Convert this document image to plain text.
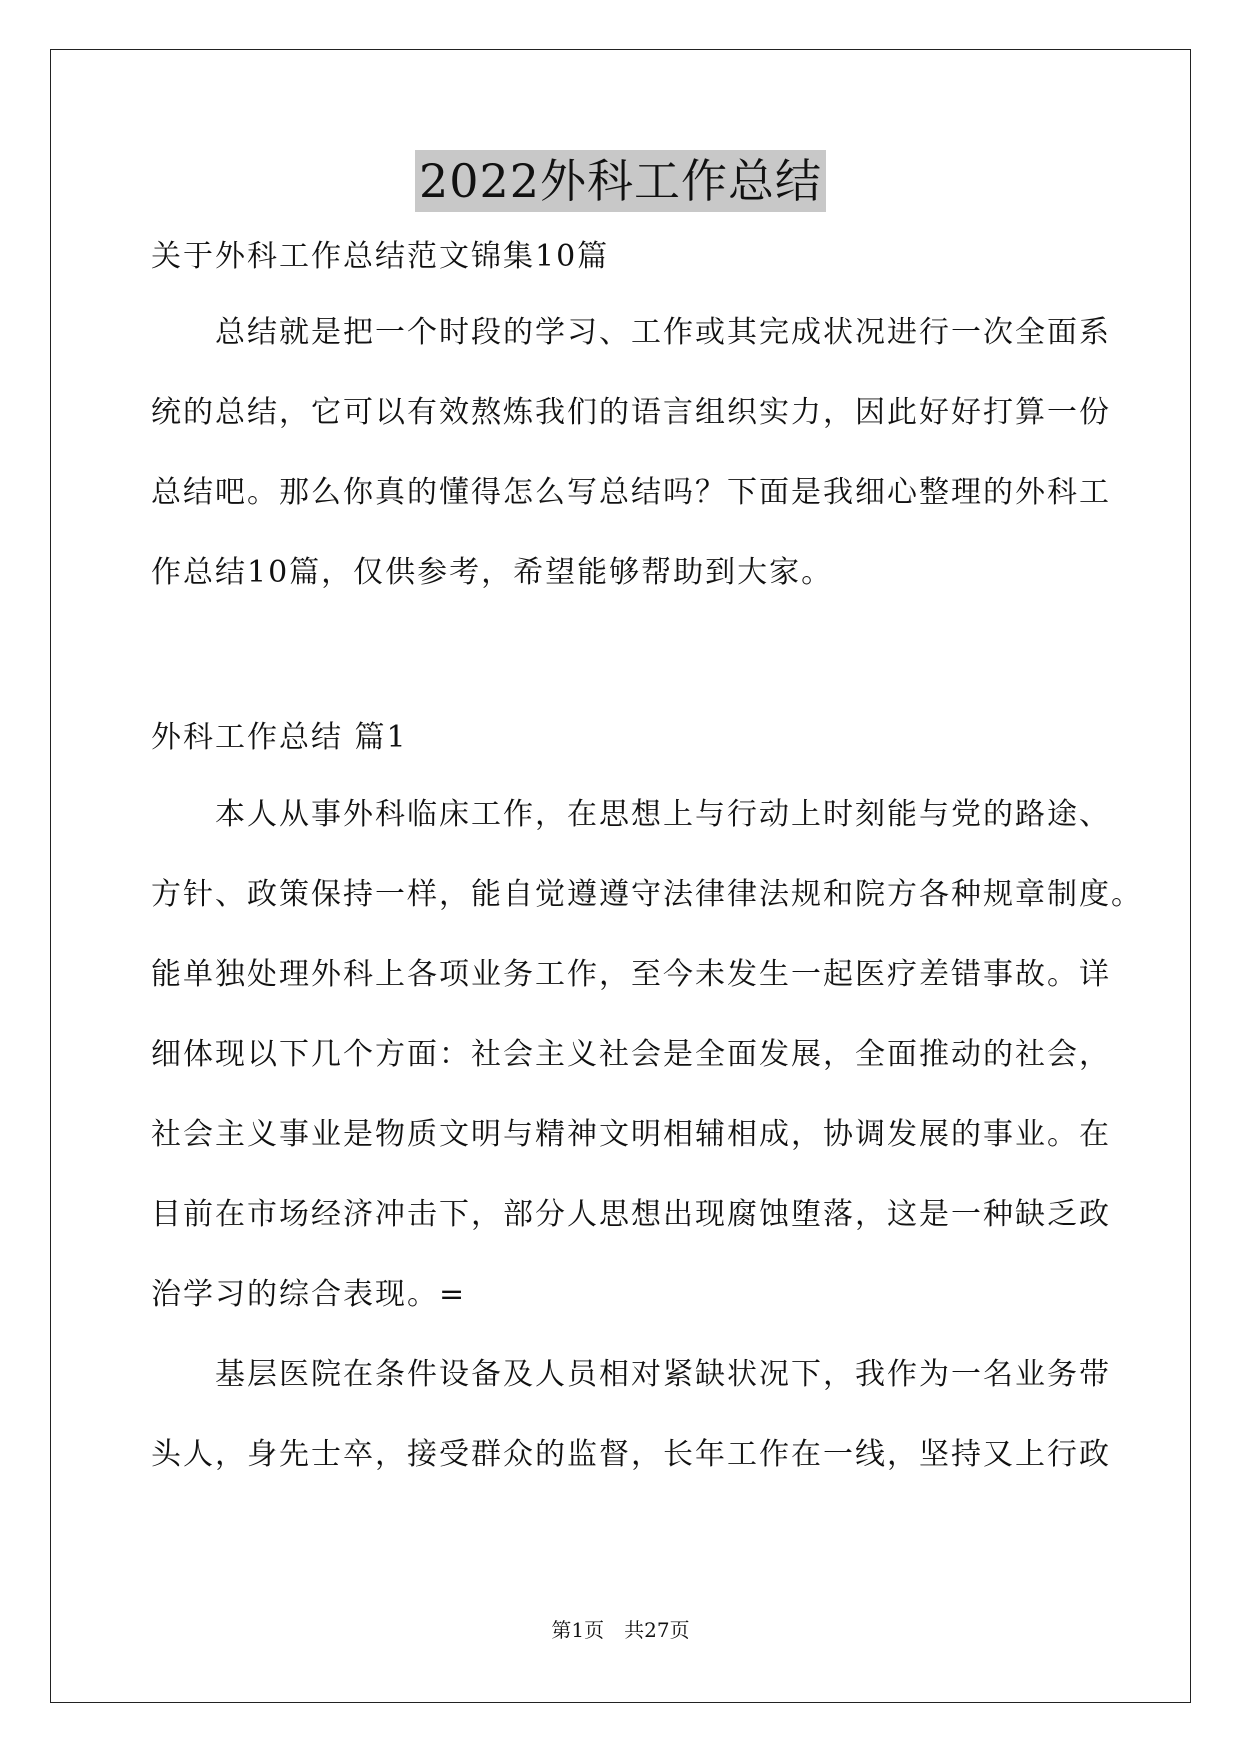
2022外科工作总结
关于外科工作总结范文锦集10篇
　　总结就是把一个时段的学习、工作或其完成状况进行一次全面系
统的总结，它可以有效熬炼我们的语言组织实力，因此好好打算一份
总结吧。那么你真的懂得怎么写总结吗？下面是我细心整理的外科工
作总结10篇，仅供参考，希望能够帮助到大家。
外科工作总结 篇1
　　本人从事外科临床工作，在思想上与行动上时刻能与党的路途、
方针、政策保持一样，能自觉遵遵守法律律法规和院方各种规章制度。
能单独处理外科上各项业务工作，至今未发生一起医疗差错事故。详
细体现以下几个方面：社会主义社会是全面发展，全面推动的社会，
社会主义事业是物质文明与精神文明相辅相成，协调发展的事业。在
目前在市场经济冲击下，部分人思想出现腐蚀堕落，这是一种缺乏政
治学习的综合表现。=
　　基层医院在条件设备及人员相对紧缺状况下，我作为一名业务带
头人，身先士卒，接受群众的监督，长年工作在一线，坚持又上行政
第1页　共27页
